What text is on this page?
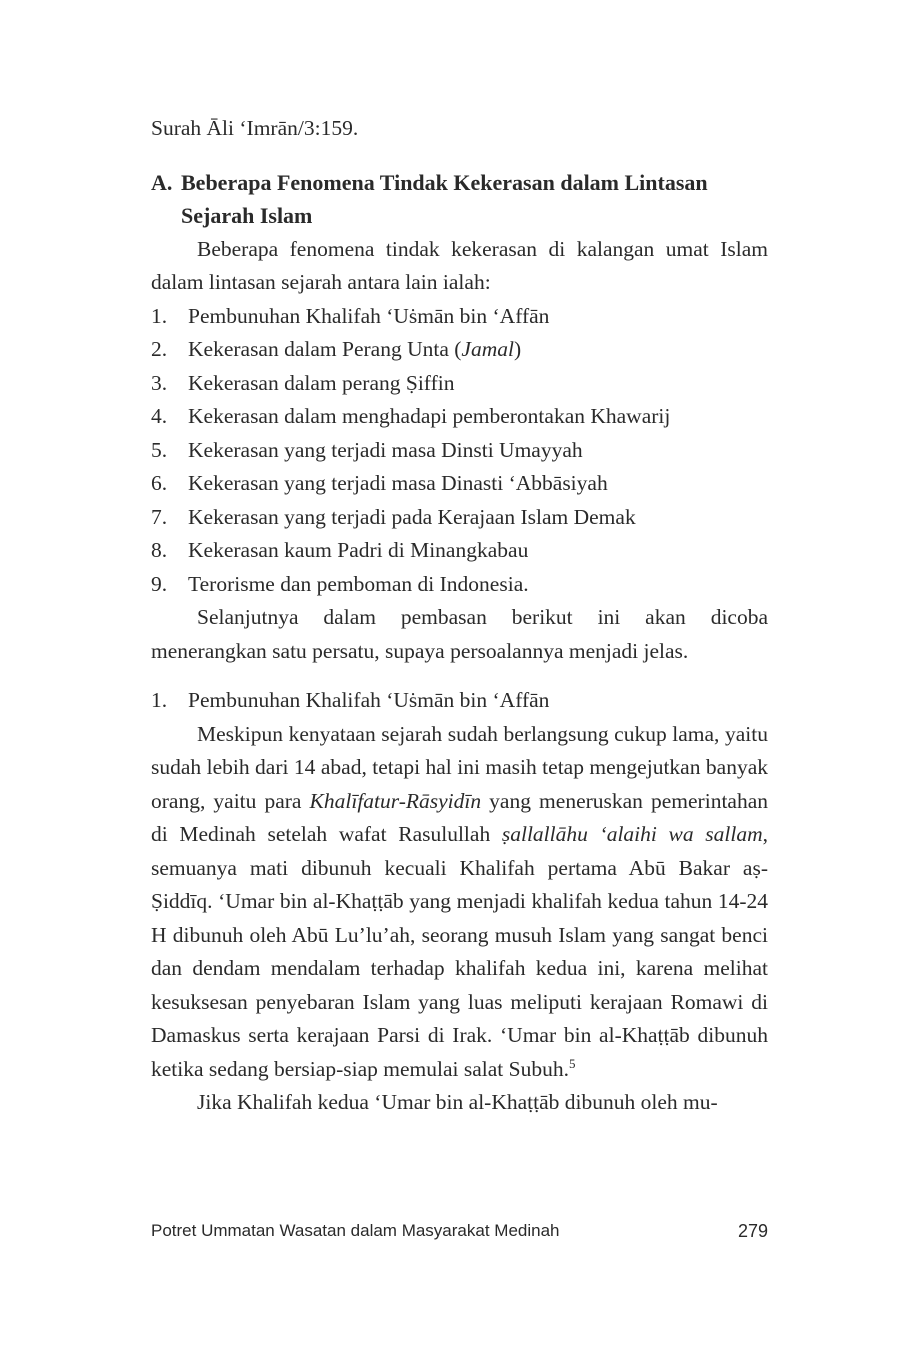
Surah Āli ‘Imrān/3:159.

A. Beberapa Fenomena Tindak Kekerasan dalam Lintasan Sejarah Islam

Beberapa fenomena tindak kekerasan di kalangan umat Islam dalam lintasan sejarah antara lain ialah:

1. Pembunuhan Khalifah ‘Uṡmān bin ‘Affān
2. Kekerasan dalam Perang Unta (Jamal)
3. Kekerasan dalam perang Ṣiffin
4. Kekerasan dalam menghadapi pemberontakan Khawarij
5. Kekerasan yang terjadi masa Dinsti Umayyah
6. Kekerasan yang terjadi masa Dinasti ‘Abbāsiyah
7. Kekerasan yang terjadi pada Kerajaan Islam Demak
8. Kekerasan kaum Padri di Minangkabau
9. Terorisme dan pemboman di Indonesia.

Selanjutnya dalam pembasan berikut ini akan dicoba menerangkan satu persatu, supaya persoalannya menjadi jelas.

1. Pembunuhan Khalifah ‘Uṡmān bin ‘Affān

Meskipun kenyataan sejarah sudah berlangsung cukup lama, yaitu sudah lebih dari 14 abad, tetapi hal ini masih tetap mengejutkan banyak orang, yaitu para Khalīfatur-Rāsyidīn yang meneruskan pemerintahan di Medinah setelah wafat Rasulullah ṣallallāhu ‘alaihi wa sallam, semuanya mati dibunuh kecuali Khalifah pertama Abū Bakar aṣ-Ṣiddīq. ‘Umar bin al-Khaṭṭāb yang menjadi khalifah kedua tahun 14-24 H dibunuh oleh Abū Lu’lu’ah, seorang musuh Islam yang sangat benci dan dendam mendalam terhadap khalifah kedua ini, karena melihat kesuksesan penyebaran Islam yang luas meliputi kerajaan Romawi di Damaskus serta kerajaan Parsi di Irak. ‘Umar bin al-Khaṭṭāb dibunuh ketika sedang bersiap-siap memulai salat Subuh.$^5$

Jika Khalifah kedua ‘Umar bin al-Khaṭṭāb dibunuh oleh mu-

Potret Ummatan Wasatan dalam Masyarakat Medinah	279
